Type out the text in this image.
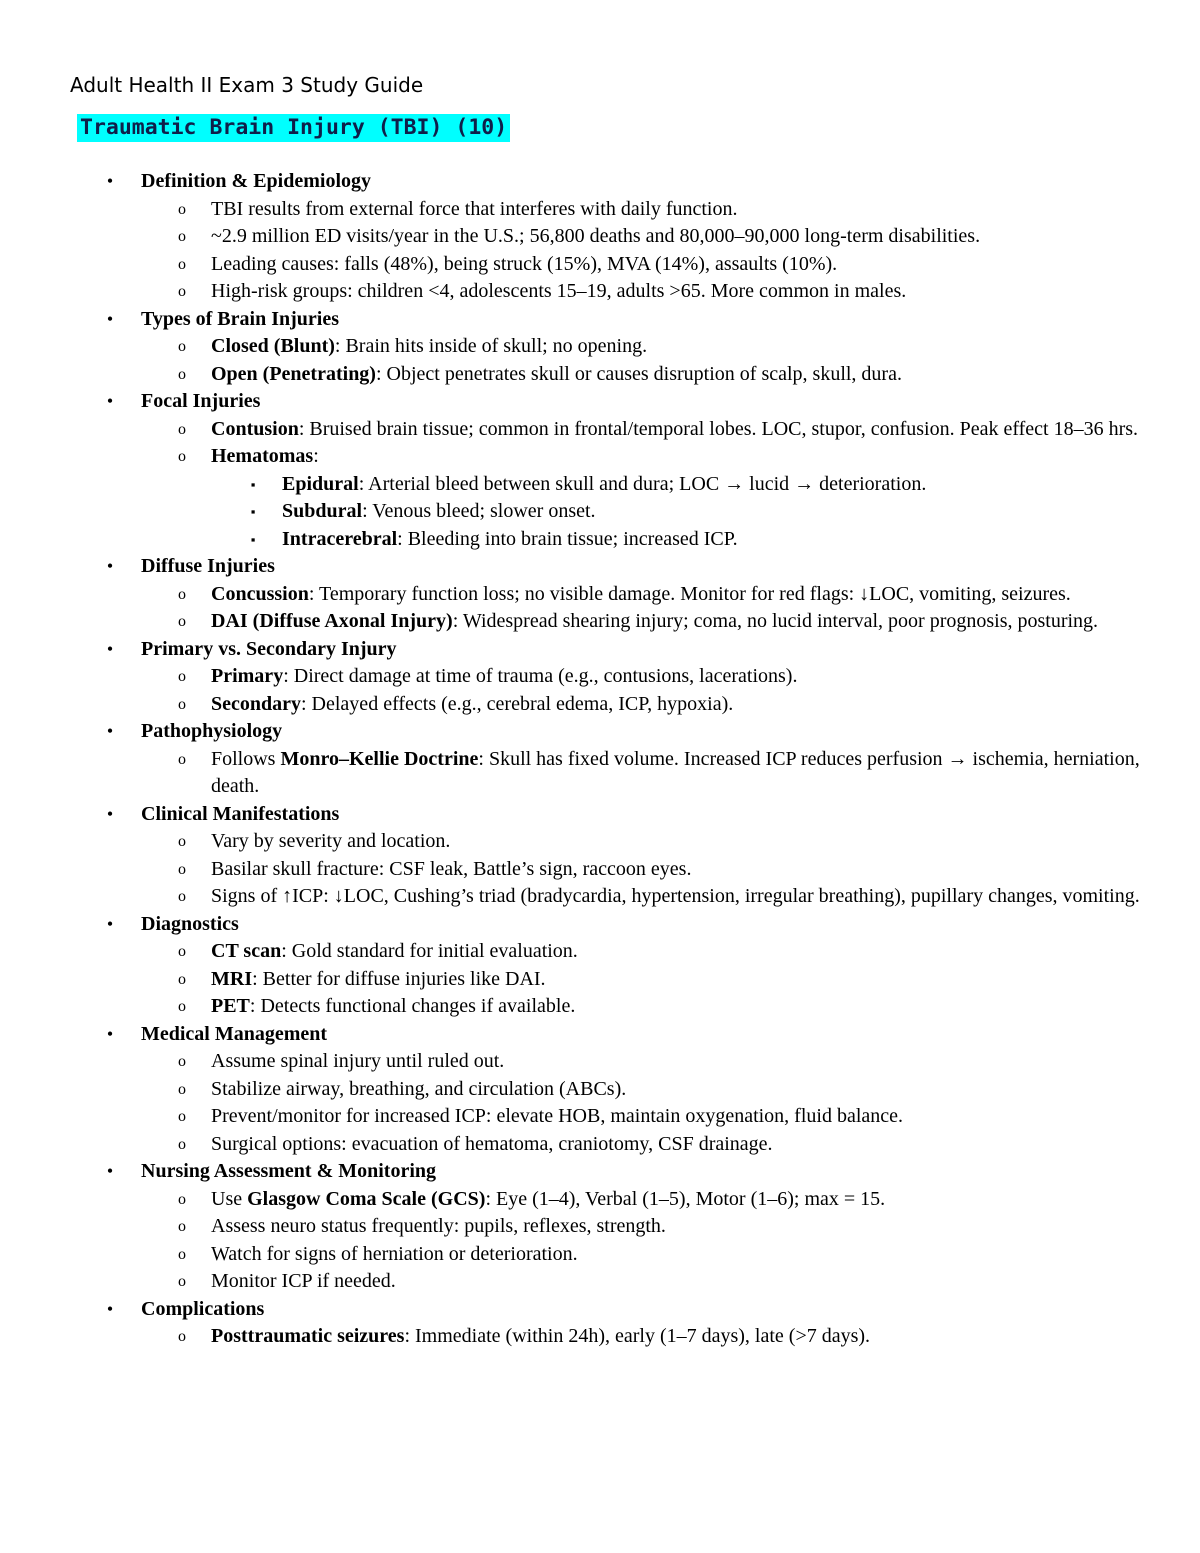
Adult Health II Exam 3 Study Guide
Traumatic Brain Injury (TBI) (10)
•	Definition & Epidemiology
o TBI results from external force that interferes with daily function.
o ~2.9 million ED visits/year in the U.S.; 56,800 deaths and 80,000–90,000 long-term disabilities.
o Leading causes: falls (48%), being struck (15%), MVA (14%), assaults (10%).
o High-risk groups: children <4, adolescents 15–19, adults >65. More common in males.
•	Types of Brain Injuries
o Closed (Blunt): Brain hits inside of skull; no opening.
o Open (Penetrating): Object penetrates skull or causes disruption of scalp, skull, dura.
•	Focal Injuries
o Contusion: Bruised brain tissue; common in frontal/temporal lobes. LOC, stupor, confusion. Peak effect 18–36 hrs.
o Hematomas:
▪ Epidural: Arterial bleed between skull and dura; LOC → lucid → deterioration.
▪ Subdural: Venous bleed; slower onset.
▪ Intracerebral: Bleeding into brain tissue; increased ICP.
•	Diffuse Injuries
o Concussion: Temporary function loss; no visible damage. Monitor for red flags: ↓LOC, vomiting, seizures.
o DAI (Diffuse Axonal Injury): Widespread shearing injury; coma, no lucid interval, poor prognosis, posturing.
•	Primary vs. Secondary Injury
o Primary: Direct damage at time of trauma (e.g., contusions, lacerations).
o Secondary: Delayed effects (e.g., cerebral edema, ICP, hypoxia).
•	Pathophysiology
o Follows Monro–Kellie Doctrine: Skull has fixed volume. Increased ICP reduces perfusion → ischemia, herniation, death.
•	Clinical Manifestations
o Vary by severity and location.
o Basilar skull fracture: CSF leak, Battle’s sign, raccoon eyes.
o Signs of ↑ICP: ↓LOC, Cushing’s triad (bradycardia, hypertension, irregular breathing), pupillary changes, vomiting.
•	Diagnostics
o CT scan: Gold standard for initial evaluation.
o MRI: Better for diffuse injuries like DAI.
o PET: Detects functional changes if available.
•	Medical Management
o Assume spinal injury until ruled out.
o Stabilize airway, breathing, and circulation (ABCs).
o Prevent/monitor for increased ICP: elevate HOB, maintain oxygenation, fluid balance.
o Surgical options: evacuation of hematoma, craniotomy, CSF drainage.
•	Nursing Assessment & Monitoring
o Use Glasgow Coma Scale (GCS): Eye (1–4), Verbal (1–5), Motor (1–6); max = 15.
o Assess neuro status frequently: pupils, reflexes, strength.
o Watch for signs of herniation or deterioration.
o Monitor ICP if needed.
•	Complications
o Posttraumatic seizures: Immediate (within 24h), early (1–7 days), late (>7 days).
